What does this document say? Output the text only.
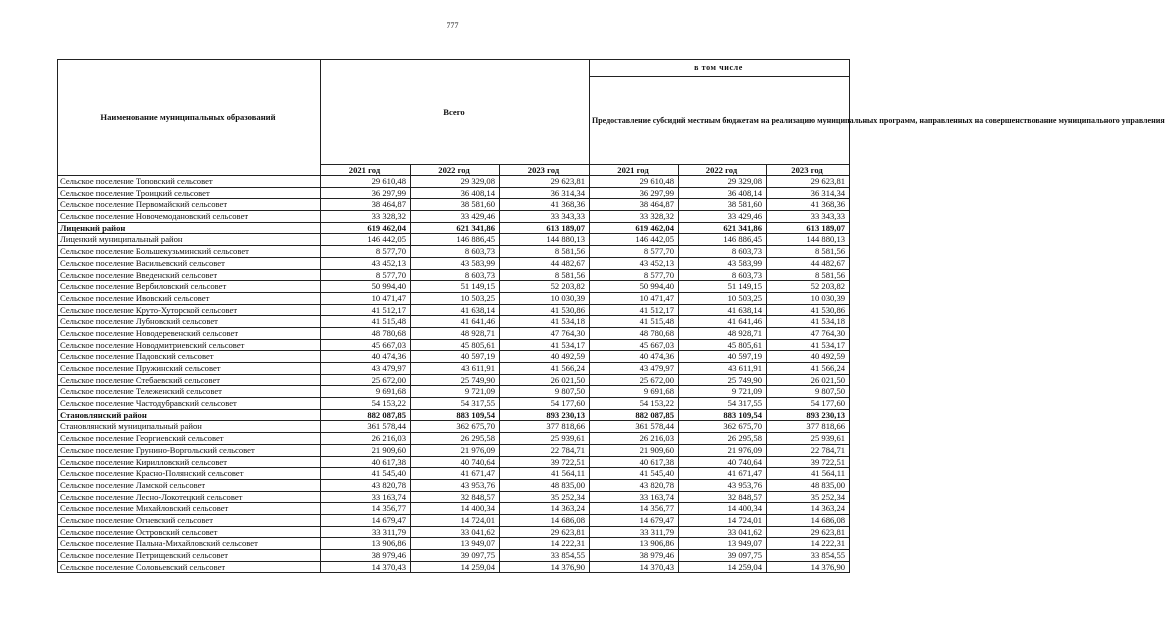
777
Наименование муниципальных образований	Всего			в том числе		
				Предоставление субсидий местным бюджетам на реализацию муниципальных программ, направленных на совершенствование муниципального управления		
	2021 год	2022 год	2023 год	2021 год	2022 год	2023 год
Сельское поселение Топовский сельсовет	29 610,48	29 329,08	29 623,81	29 610,48	29 329,08	29 623,81
Сельское поселение Троицкий сельсовет	36 297,99	36 408,14	36 314,34	36 297,99	36 408,14	36 314,34
Сельское поселение Первомайский сельсовет	38 464,87	38 581,60	41 368,36	38 464,87	38 581,60	41 368,36
Сельское поселение Новочемодановский сельсовет	33 328,32	33 429,46	33 343,33	33 328,32	33 429,46	33 343,33
Лиценкий район	619 462,04	621 341,86	613 189,07	619 462,04	621 341,86	613 189,07
Лиценкий муниципальный район	146 442,05	146 886,45	144 880,13	146 442,05	146 886,45	144 880,13
Сельское поселение Большекузьминский сельсовет	8 577,70	8 603,73	8 581,56	8 577,70	8 603,73	8 581,56
Сельское поселение Васильевский сельсовет	43 452,13	43 583,99	44 482,67	43 452,13	43 583,99	44 482,67
Сельское поселение Введенский сельсовет	8 577,70	8 603,73	8 581,56	8 577,70	8 603,73	8 581,56
Сельское поселение Вербиловский сельсовет	50 994,40	51 149,15	52 203,82	50 994,40	51 149,15	52 203,82
Сельское поселение Ивовский сельсовет	10 471,47	10 503,25	10 030,39	10 471,47	10 503,25	10 030,39
Сельское поселение Круто-Хуторской сельсовет	41 512,17	41 638,14	41 530,86	41 512,17	41 638,14	41 530,86
Сельское поселение Лубновский сельсовет	41 515,48	41 641,46	41 534,18	41 515,48	41 641,46	41 534,18
Сельское поселение Новодеревенский сельсовет	48 780,68	48 928,71	47 764,30	48 780,68	48 928,71	47 764,30
Сельское поселение Новодмитриевский сельсовет	45 667,03	45 805,61	41 534,17	45 667,03	45 805,61	41 534,17
Сельское поселение Падовский сельсовет	40 474,36	40 597,19	40 492,59	40 474,36	40 597,19	40 492,59
Сельское поселение Пружинский сельсовет	43 479,97	43 611,91	41 566,24	43 479,97	43 611,91	41 566,24
Сельское поселение Стебаевский сельсовет	25 672,00	25 749,90	26 021,50	25 672,00	25 749,90	26 021,50
Сельское поселение Тележенский сельсовет	9 691,68	9 721,09	9 807,50	9 691,68	9 721,09	9 807,50
Сельское поселение Частодубравский сельсовет	54 153,22	54 317,55	54 177,60	54 153,22	54 317,55	54 177,60
Становлянский район	882 087,85	883 109,54	893 230,13	882 087,85	883 109,54	893 230,13
Становлянский муниципальный район	361 578,44	362 675,70	377 818,66	361 578,44	362 675,70	377 818,66
Сельское поселение Георгиевский сельсовет	26 216,03	26 295,58	25 939,61	26 216,03	26 295,58	25 939,61
Сельское поселение Грунино-Воргольский сельсовет	21 909,60	21 976,09	22 784,71	21 909,60	21 976,09	22 784,71
Сельское поселение Кирилловский сельсовет	40 617,38	40 740,64	39 722,51	40 617,38	40 740,64	39 722,51
Сельское поселение Красно-Полянский сельсовет	41 545,40	41 671,47	41 564,11	41 545,40	41 671,47	41 564,11
Сельское поселение Ламской сельсовет	43 820,78	43 953,76	48 835,00	43 820,78	43 953,76	48 835,00
Сельское поселение Лесно-Локотецкий сельсовет	33 163,74	32 848,57	35 252,34	33 163,74	32 848,57	35 252,34
Сельское поселение Михайловский сельсовет	14 356,77	14 400,34	14 363,24	14 356,77	14 400,34	14 363,24
Сельское поселение Огневский сельсовет	14 679,47	14 724,01	14 686,08	14 679,47	14 724,01	14 686,08
Сельское поселение Островский сельсовет	33 311,79	33 041,62	29 623,81	33 311,79	33 041,62	29 623,81
Сельское поселение Пальна-Михайловский сельсовет	13 906,86	13 949,07	14 222,31	13 906,86	13 949,07	14 222,31
Сельское поселение Петрищевский сельсовет	38 979,46	39 097,75	33 854,55	38 979,46	39 097,75	33 854,55
Сельское поселение Соловьевский сельсовет	14 370,43	14 259,04	14 376,90	14 370,43	14 259,04	14 376,90
